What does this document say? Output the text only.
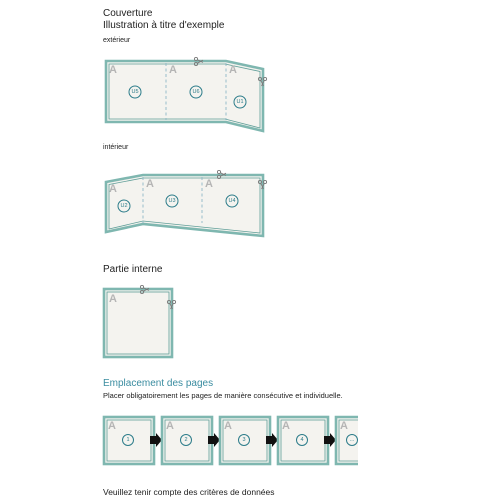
Couverture
Illustration à titre d'exemple
extérieur
A	A	A
U5	U6
U1
A	A	A
U2
U3	U4
A
A
1
A
2
A
3
A
4
A
...
intérieur
Partie interne
Emplacement des pages
Placer obligatoirement les pages de manière consécutive et individuelle.
Veuillez tenir compte des critères de données
